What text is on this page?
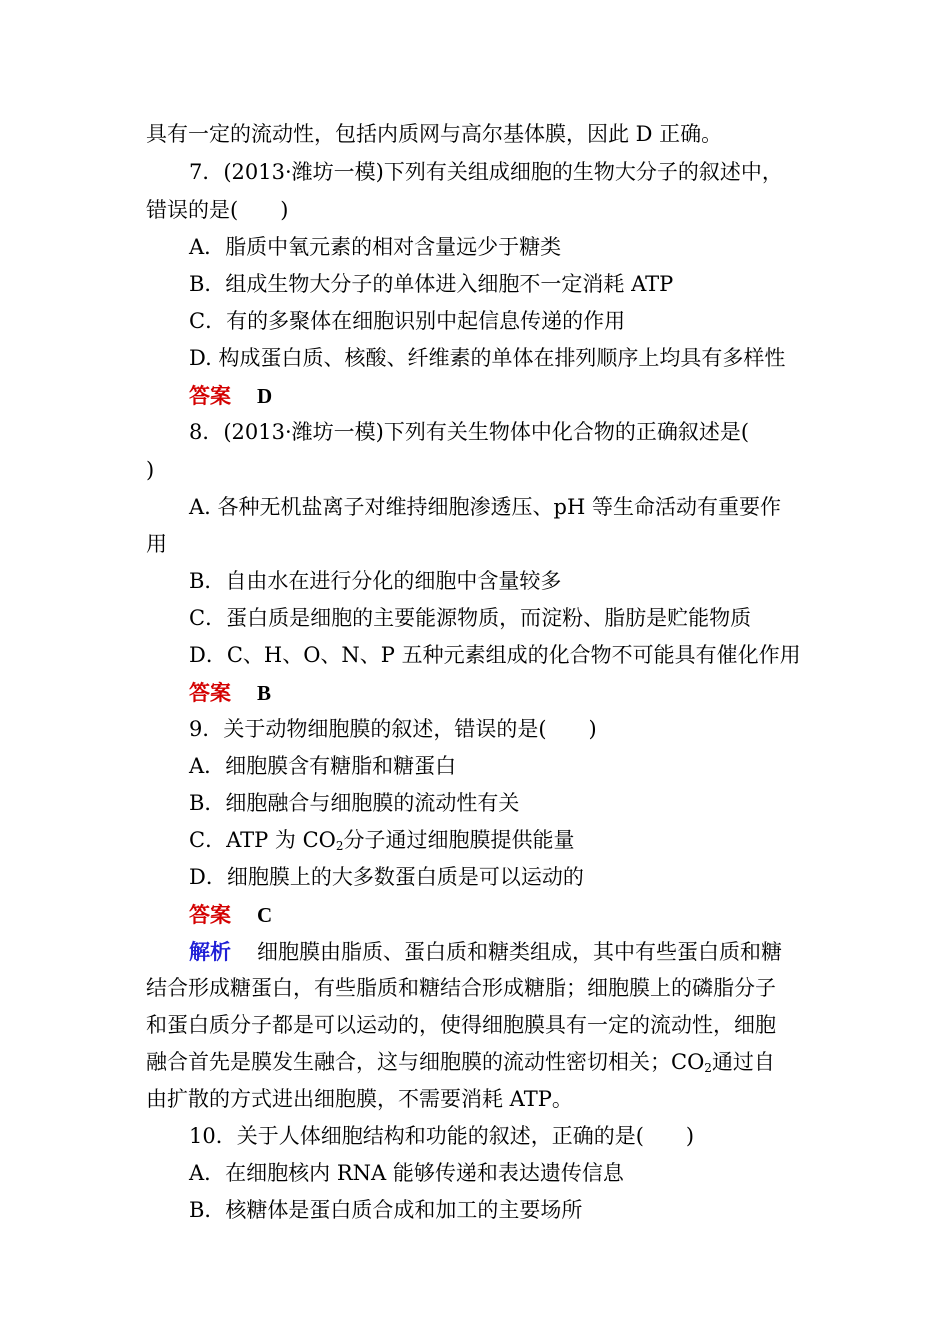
具有一定的流动性，包括内质网与高尔基体膜，因此 D 正确。
7．(2013·潍坊一模)下列有关组成细胞的生物大分子的叙述中，
错误的是(　　)
A．脂质中氧元素的相对含量远少于糖类
B．组成生物大分子的单体进入细胞不一定消耗 ATP
C．有的多聚体在细胞识别中起信息传递的作用
D. 构成蛋白质、核酸、纤维素的单体在排列顺序上均具有多样性
答案 D
8．(2013·潍坊一模)下列有关生物体中化合物的正确叙述是(
)
A. 各种无机盐离子对维持细胞渗透压、pH 等生命活动有重要作
用
B．自由水在进行分化的细胞中含量较多
C．蛋白质是细胞的主要能源物质，而淀粉、脂肪是贮能物质
D．C、H、O、N、P 五种元素组成的化合物不可能具有催化作用
答案 B
9．关于动物细胞膜的叙述，错误的是(　　)
A．细胞膜含有糖脂和糖蛋白
B．细胞融合与细胞膜的流动性有关
C．ATP 为 $CO_2$分子通过细胞膜提供能量
D．细胞膜上的大多数蛋白质是可以运动的
答案 C
解析 细胞膜由脂质、蛋白质和糖类组成，其中有些蛋白质和糖
结合形成糖蛋白，有些脂质和糖结合形成糖脂；细胞膜上的磷脂分子
和蛋白质分子都是可以运动的，使得细胞膜具有一定的流动性，细胞
融合首先是膜发生融合，这与细胞膜的流动性密切相关；$CO_2$通过自
由扩散的方式进出细胞膜，不需要消耗 ATP。
10．关于人体细胞结构和功能的叙述，正确的是(　　)
A．在细胞核内 RNA 能够传递和表达遗传信息
B．核糖体是蛋白质合成和加工的主要场所
